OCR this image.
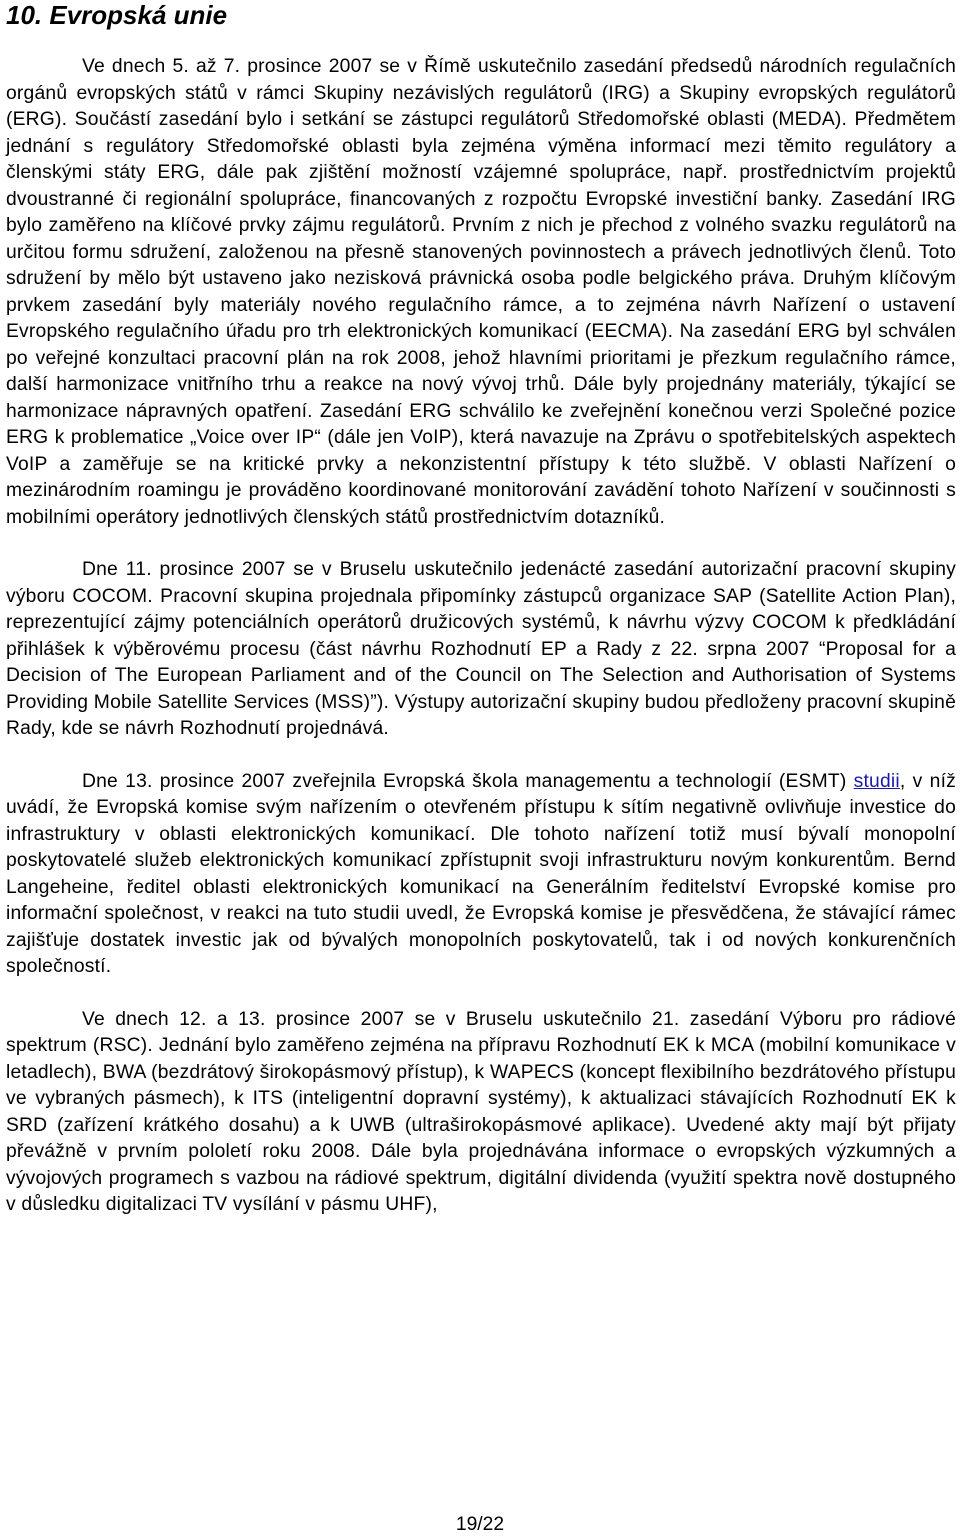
10. Evropská unie

Ve dnech 5. až 7. prosince 2007 se v Římě uskutečnilo zasedání předsedů národních regulačních orgánů evropských států v rámci Skupiny nezávislých regulátorů (IRG) a Skupiny evropských regulátorů (ERG). Součástí zasedání bylo i setkání se zástupci regulátorů Středomořské oblasti (MEDA). Předmětem jednání s regulátory Středomořské oblasti byla zejména výměna informací mezi těmito regulátory a členskými státy ERG, dále pak zjištění možností vzájemné spolupráce, např. prostřednictvím projektů dvoustranné či regionální spolupráce, financovaných z rozpočtu Evropské investiční banky. Zasedání IRG bylo zaměřeno na klíčové prvky zájmu regulátorů. Prvním z nich je přechod z volného svazku regulátorů na určitou formu sdružení, založenou na přesně stanovených povinnostech a právech jednotlivých členů. Toto sdružení by mělo být ustaveno jako nezisková právnická osoba podle belgického práva. Druhým klíčovým prvkem zasedání byly materiály nového regulačního rámce, a to zejména návrh Nařízení o ustavení Evropského regulačního úřadu pro trh elektronických komunikací (EECMA). Na zasedání ERG byl schválen po veřejné konzultaci pracovní plán na rok 2008, jehož hlavními prioritami je přezkum regulačního rámce, další harmonizace vnitřního trhu a reakce na nový vývoj trhů. Dále byly projednány materiály, týkající se harmonizace nápravných opatření. Zasedání ERG schválilo ke zveřejnění konečnou verzi Společné pozice ERG k problematice „Voice over IP“ (dále jen VoIP), která navazuje na Zprávu o spotřebitelských aspektech VoIP a zaměřuje se na kritické prvky a nekonzistentní přístupy k této službě. V oblasti Nařízení o mezinárodním roamingu je prováděno koordinované monitorování zavádění tohoto Nařízení v součinnosti s mobilními operátory jednotlivých členských států prostřednictvím dotazníků.

Dne 11. prosince 2007 se v Bruselu uskutečnilo jedenácté zasedání autorizační pracovní skupiny výboru COCOM. Pracovní skupina projednala připomínky zástupců organizace SAP (Satellite Action Plan), reprezentující zájmy potenciálních operátorů družicových systémů, k návrhu výzvy COCOM k předkládání přihlášek k výběrovému procesu (část návrhu Rozhodnutí EP a Rady z 22. srpna 2007 “Proposal for a Decision of The European Parliament and of the Council on The Selection and Authorisation of Systems Providing Mobile Satellite Services (MSS)”). Výstupy autorizační skupiny budou předloženy pracovní skupině Rady, kde se návrh Rozhodnutí projednává.

Dne 13. prosince 2007 zveřejnila Evropská škola managementu a technologií (ESMT) studii, v níž uvádí, že Evropská komise svým nařízením o otevřeném přístupu k sítím negativně ovlivňuje investice do infrastruktury v oblasti elektronických komunikací. Dle tohoto nařízení totiž musí bývalí monopolní poskytovatelé služeb elektronických komunikací zpřístupnit svoji infrastrukturu novým konkurentům. Bernd Langeheine, ředitel oblasti elektronických komunikací na Generálním ředitelství Evropské komise pro informační společnost, v reakci na tuto studii uvedl, že Evropská komise je přesvědčena, že stávající rámec zajišťuje dostatek investic jak od bývalých monopolních poskytovatelů, tak i od nových konkurenčních společností.

Ve dnech 12. a 13. prosince 2007 se v Bruselu uskutečnilo 21. zasedání Výboru pro rádiové spektrum (RSC). Jednání bylo zaměřeno zejména na přípravu Rozhodnutí EK k MCA (mobilní komunikace v letadlech), BWA (bezdrátový širokopásmový přístup), k WAPECS (koncept flexibilního bezdrátového přístupu ve vybraných pásmech), k ITS (inteligentní dopravní systémy), k aktualizaci stávajících Rozhodnutí EK k SRD (zařízení krátkého dosahu) a k UWB (ultraširokopásmové aplikace). Uvedené akty mají být přijaty převážně v prvním pololetí roku 2008. Dále byla projednávána informace o evropských výzkumných a vývojových programech s vazbou na rádiové spektrum, digitální dividenda (využití spektra nově dostupného v důsledku digitalizaci TV vysílání v pásmu UHF),

19/22
